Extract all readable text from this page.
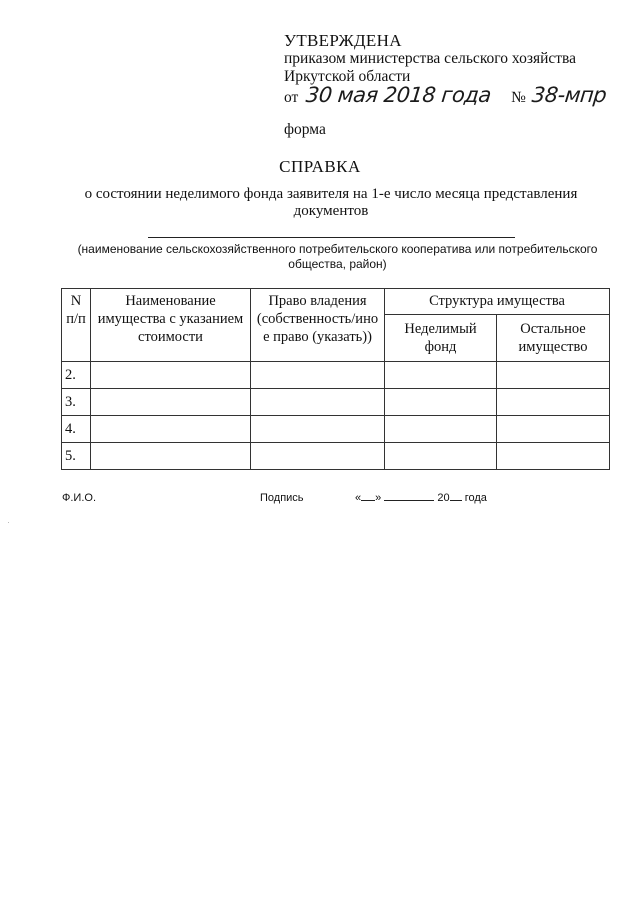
УТВЕРЖДЕНА
приказом министерства сельского хозяйства
Иркутской области
от 30 мая 2018 года № 38-мпр
форма
СПРАВКА
о состоянии неделимого фонда заявителя на 1-е число месяца представления документов
(наименование сельскохозяйственного потребительского кооператива или потребительского общества, район)
N п/п	Наименование имущества с указанием стоимости	Право владения (собственность/ино е право (указать))	Структура имущества	
			Неделимый фонд	Остальное имущество
2.				
3.				
4.				
5.				
Ф.И.О.	Подпись	« »	20 года
